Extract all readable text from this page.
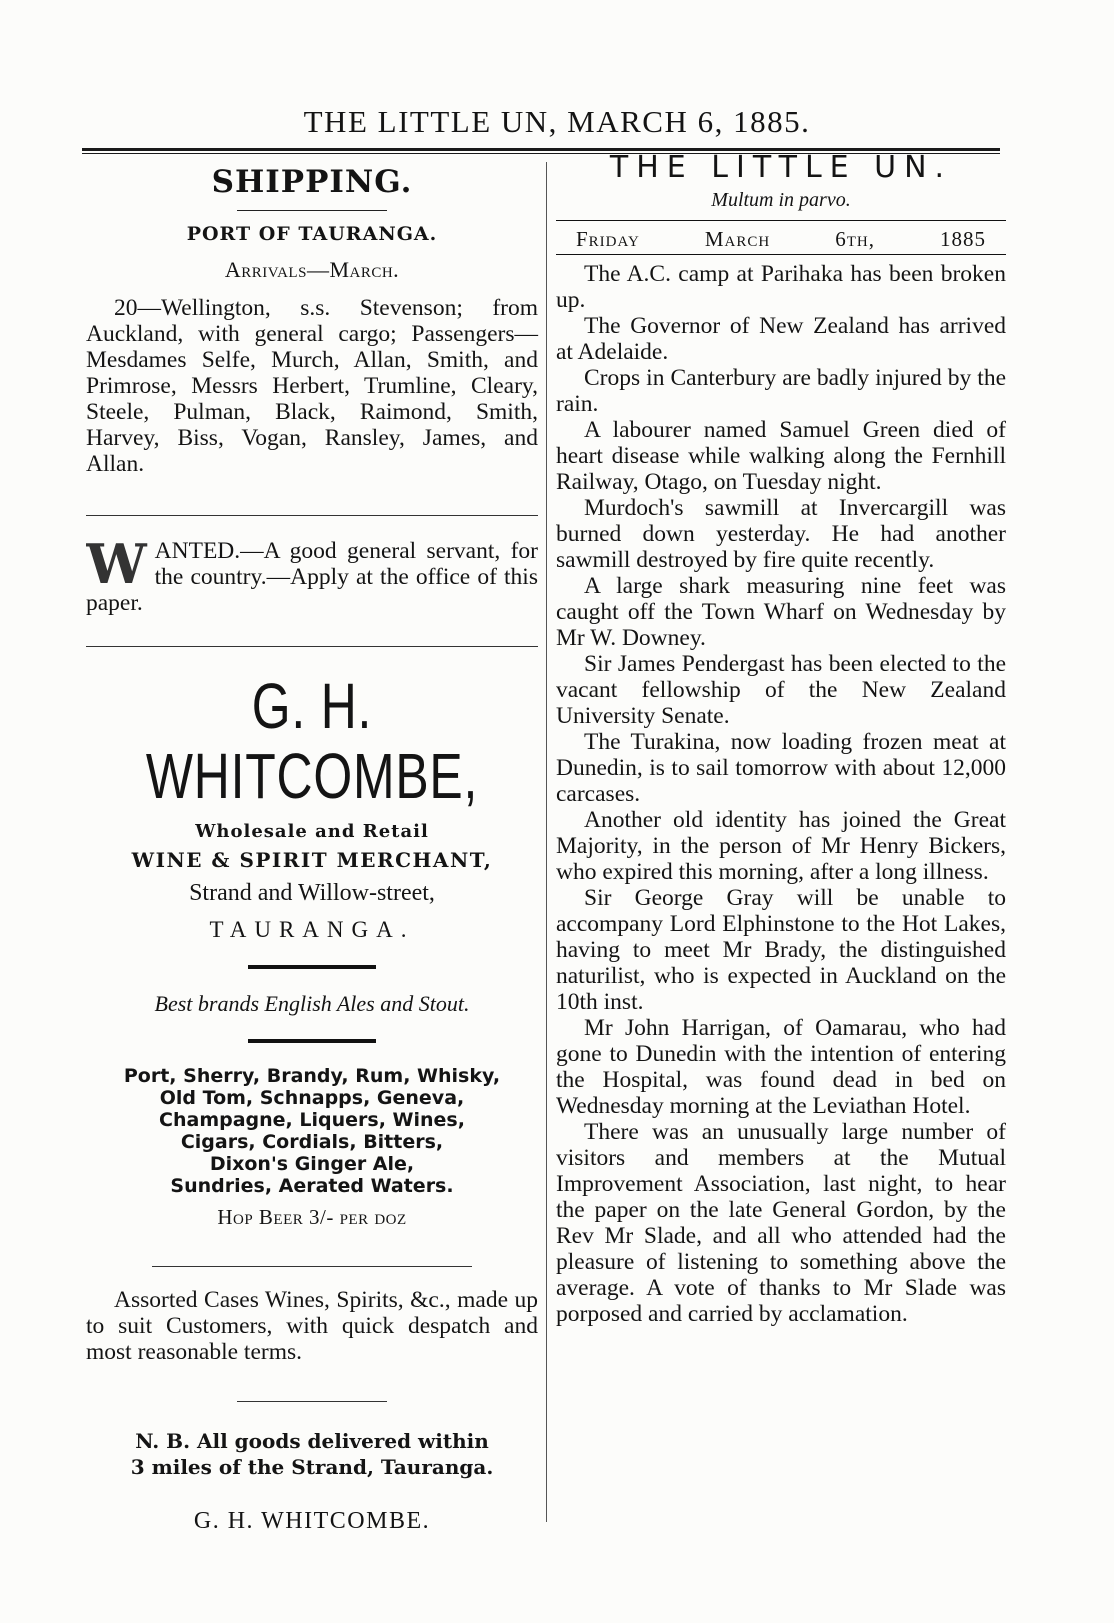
THE LITTLE UN, MARCH 6, 1885.
SHIPPING.
PORT OF TAURANGA.
Arrivals—March.

20—Wellington, s.s. Stevenson; from Auckland, with general cargo; Passengers—Mesdames Selfe, Murch, Allan, Smith, and Primrose, Messrs Herbert, Trumline, Cleary, Steele, Pulman, Black, Raimond, Smith, Harvey, Biss, Vogan, Ransley, James, and Allan.

W ANTED.—A good general servant, for the country.—Apply at the office of this paper.

G. H. WHITCOMBE,
Wholesale and Retail
WINE & SPIRIT MERCHANT,
Strand and Willow-street,
TAURANGA.
Best brands English Ales and Stout.
Port, Sherry, Brandy, Rum, Whisky,
Old Tom, Schnapps, Geneva,
Champagne, Liquers, Wines,
Cigars, Cordials, Bitters,
Dixon's Ginger Ale,
Sundries, Aerated Waters.
Hop Beer 3/- per doz

Assorted Cases Wines, Spirits, &c., made up to suit Customers, with quick despatch and most reasonable terms.

N. B. All goods delivered within
3 miles of the Strand, Tauranga.
G. H. WHITCOMBE.
THE LITTLE UN.
Multum in parvo.
Friday	March	6th,	1885

The A.C. camp at Parihaka has been broken up.

The Governor of New Zealand has arrived at Adelaide.

Crops in Canterbury are badly injured by the rain.

A labourer named Samuel Green died of heart disease while walking along the Fernhill Railway, Otago, on Tuesday night.

Murdoch's sawmill at Invercargill was burned down yesterday. He had another sawmill destroyed by fire quite recently.

A large shark measuring nine feet was caught off the Town Wharf on Wednesday by Mr W. Downey.

Sir James Pendergast has been elected to the vacant fellowship of the New Zealand University Senate.

The Turakina, now loading frozen meat at Dunedin, is to sail tomorrow with about 12,000 carcases.

Another old identity has joined the Great Majority, in the person of Mr Henry Bickers, who expired this morning, after a long illness.

Sir George Gray will be unable to accompany Lord Elphinstone to the Hot Lakes, having to meet Mr Brady, the distinguished naturilist, who is expected in Auckland on the 10th inst.

Mr John Harrigan, of Oamarau, who had gone to Dunedin with the intention of entering the Hospital, was found dead in bed on Wednesday morning at the Leviathan Hotel.

There was an unusually large number of visitors and members at the Mutual Improvement Association, last night, to hear the paper on the late General Gordon, by the Rev Mr Slade, and all who attended had the pleasure of listening to something above the average. A vote of thanks to Mr Slade was porposed and carried by acclamation.
